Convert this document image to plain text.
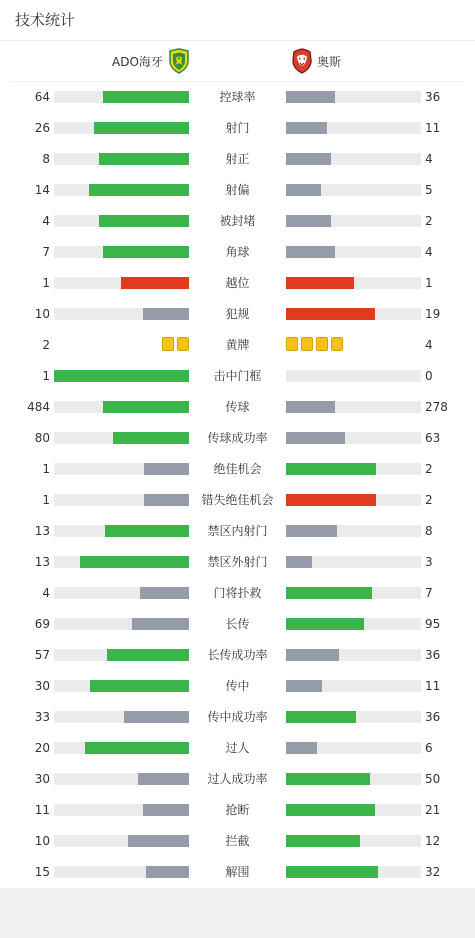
技术统计
ADO海牙	奥斯
64	控球率	36
26	射门	11
8	射正	4
14	射偏	5
4	被封堵	2
7	角球	4
1	越位	1
10	犯规	19
2	黄牌	4
1	击中门框	0
484	传球	278
80	传球成功率	63
1	绝佳机会	2
1	错失绝佳机会	2
13	禁区内射门	8
13	禁区外射门	3
4	门将扑救	7
69	长传	95
57	长传成功率	36
30	传中	11
33	传中成功率	36
20	过人	6
30	过人成功率	50
11	抢断	21
10	拦截	12
15	解围	32
